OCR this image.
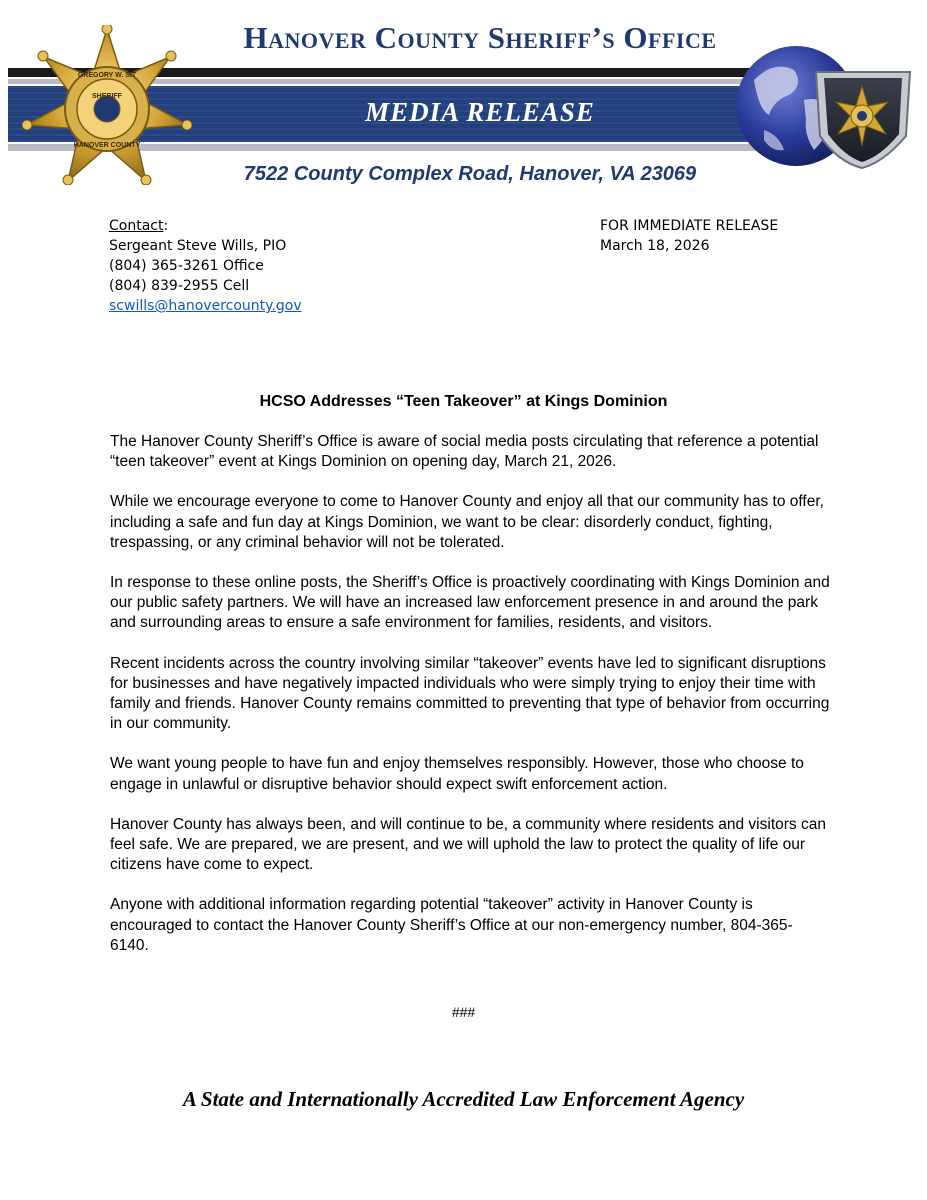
Hanover County Sheriff’s Office
MEDIA RELEASE
7522 County Complex Road, Hanover, VA 23069
GREGORY W. SIT
SHERIFF
HANOVER COUNTY
Contact:
Sergeant Steve Wills, PIO
(804) 365-3261 Office
(804) 839-2955 Cell
scwills@hanovercounty.gov
FOR IMMEDIATE RELEASE
March 18, 2026
HCSO Addresses “Teen Takeover” at Kings Dominion

The Hanover County Sheriff’s Office is aware of social media posts circulating that reference a potential “teen takeover” event at Kings Dominion on opening day, March 21, 2026.

While we encourage everyone to come to Hanover County and enjoy all that our community has to offer, including a safe and fun day at Kings Dominion, we want to be clear: disorderly conduct, fighting, trespassing, or any criminal behavior will not be tolerated.

In response to these online posts, the Sheriff’s Office is proactively coordinating with Kings Dominion and our public safety partners. We will have an increased law enforcement presence in and around the park and surrounding areas to ensure a safe environment for families, residents, and visitors.

Recent incidents across the country involving similar “takeover” events have led to significant disruptions for businesses and have negatively impacted individuals who were simply trying to enjoy their time with family and friends. Hanover County remains committed to preventing that type of behavior from occurring in our community.

We want young people to have fun and enjoy themselves responsibly. However, those who choose to engage in unlawful or disruptive behavior should expect swift enforcement action.

Hanover County has always been, and will continue to be, a community where residents and visitors can feel safe. We are prepared, we are present, and we will uphold the law to protect the quality of life our citizens have come to expect.

Anyone with additional information regarding potential “takeover” activity in Hanover County is encouraged to contact the Hanover County Sheriff’s Office at our non-emergency number, 804-365-6140.

###
A State and Internationally Accredited Law Enforcement Agency
